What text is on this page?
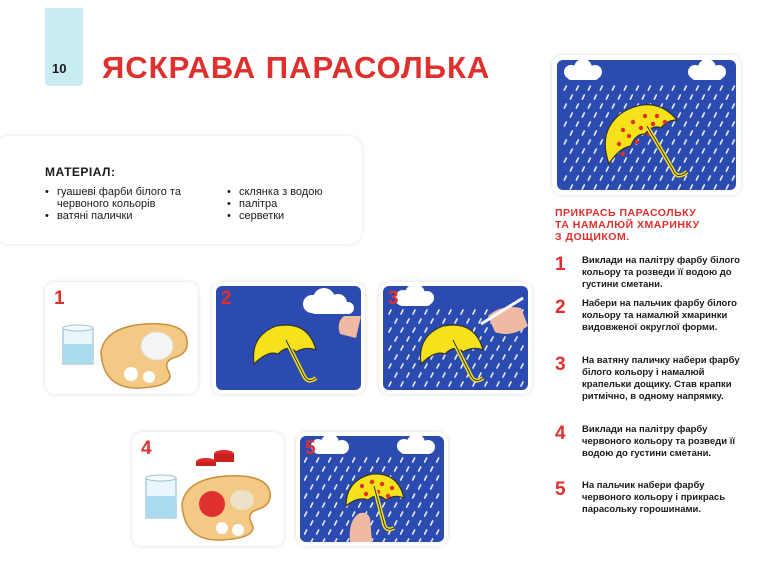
10 ЯСКРАВА ПАРАСОЛЬКА
МАТЕРІАЛ:
• гуашеві фарби білого та червоного кольорів
• ватяні палички
• склянка з водою
• палітра
• серветки
1	2	3
4	5
ПРИКРАСЬ ПАРАСОЛЬКУ
ТА НАМАЛЮЙ ХМАРИНКУ
З ДОЩИКОМ.
1 Виклади на палітру фарбу білого кольору та розведи її водою до густини сметани.
2 Набери на пальчик фарбу білого кольору та намалюй хмаринки видовженої округлої форми.
3 На ватяну паличку набери фарбу білого кольору і намалюй крапельки дощику. Став крапки ритмічно, в одному напрямку.
4 Виклади на палітру фарбу червоного кольору та розведи її водою до густини сметани.
5 На пальчик набери фарбу червоного кольору і прикрась парасольку горошинами.
